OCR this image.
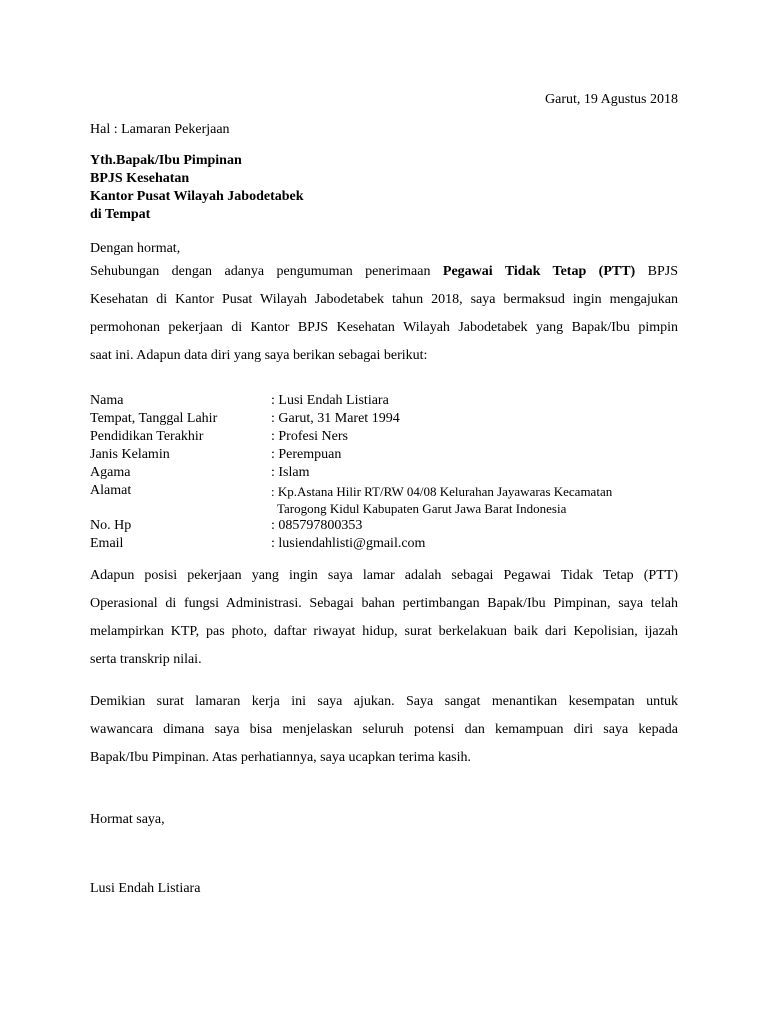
Garut, 19 Agustus 2018
Hal : Lamaran Pekerjaan
Yth.Bapak/Ibu Pimpinan
BPJS Kesehatan
Kantor Pusat Wilayah Jabodetabek
di Tempat
Dengan hormat,
Sehubungan dengan adanya pengumuman penerimaan Pegawai Tidak Tetap (PTT) BPJS
Kesehatan di Kantor Pusat Wilayah Jabodetabek tahun 2018, saya bermaksud ingin mengajukan
permohonan pekerjaan di Kantor BPJS Kesehatan Wilayah Jabodetabek yang Bapak/Ibu pimpin
saat ini. Adapun data diri yang saya berikan sebagai berikut:
Nama	: Lusi Endah Listiara
Tempat, Tanggal Lahir	: Garut, 31 Maret 1994
Pendidikan Terakhir	: Profesi Ners
Janis Kelamin	: Perempuan
Agama	: Islam
Alamat	: Kp.Astana Hilir RT/RW 04/08 Kelurahan Jayawaras Kecamatan
Tarogong Kidul Kabupaten Garut Jawa Barat Indonesia
No. Hp	: 085797800353
Email	: lusiendahlisti@gmail.com
Adapun posisi pekerjaan yang ingin saya lamar adalah sebagai Pegawai Tidak Tetap (PTT)
Operasional di fungsi Administrasi. Sebagai bahan pertimbangan Bapak/Ibu Pimpinan, saya telah
melampirkan KTP, pas photo, daftar riwayat hidup, surat berkelakuan baik dari Kepolisian, ijazah
serta transkrip nilai.
Demikian surat lamaran kerja ini saya ajukan. Saya sangat menantikan kesempatan untuk
wawancara dimana saya bisa menjelaskan seluruh potensi dan kemampuan diri saya kepada
Bapak/Ibu Pimpinan. Atas perhatiannya, saya ucapkan terima kasih.
Hormat saya,
Lusi Endah Listiara
